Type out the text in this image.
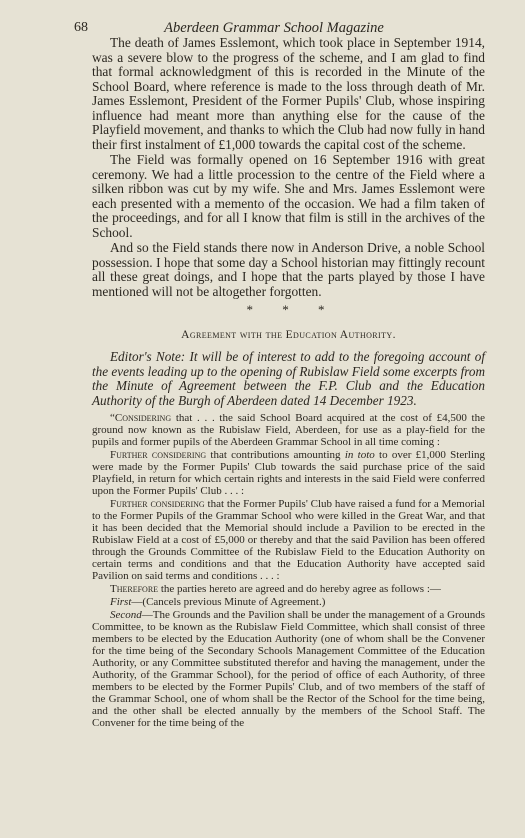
68	Aberdeen Grammar School Magazine

The death of James Esslemont, which took place in September 1914, was a severe blow to the progress of the scheme, and I am glad to find that formal acknowledgment of this is recorded in the Minute of the School Board, where reference is made to the loss through death of Mr. James Esslemont, President of the Former Pupils' Club, whose inspiring influence had meant more than anything else for the cause of the Playfield movement, and thanks to which the Club had now fully in hand their first instalment of £1,000 towards the capital cost of the scheme.

The Field was formally opened on 16 September 1916 with great ceremony. We had a little procession to the centre of the Field where a silken ribbon was cut by my wife. She and Mrs. James Esslemont were each presented with a memento of the occasion. We had a film taken of the proceedings, and for all I know that film is still in the archives of the School.

And so the Field stands there now in Anderson Drive, a noble School possession. I hope that some day a School historian may fittingly recount all these great doings, and I hope that the parts played by those I have mentioned will not be altogether forgotten.

* * *
Agreement with the Education Authority.

Editor's Note: It will be of interest to add to the foregoing account of the events leading up to the opening of Rubislaw Field some excerpts from the Minute of Agreement between the F.P. Club and the Education Authority of the Burgh of Aberdeen dated 14 December 1923.

“Considering that . . . the said School Board acquired at the cost of £4,500 the ground now known as the Rubislaw Field, Aberdeen, for use as a play-field for the pupils and former pupils of the Aberdeen Grammar School in all time coming :

Further considering that contributions amounting in toto to over £1,000 Sterling were made by the Former Pupils' Club towards the said purchase price of the said Playfield, in return for which certain rights and interests in the said Field were conferred upon the Former Pupils' Club . . . :

Further considering that the Former Pupils' Club have raised a fund for a Memorial to the Former Pupils of the Grammar School who were killed in the Great War, and that it has been decided that the Memorial should include a Pavilion to be erected in the Rubislaw Field at a cost of £5,000 or thereby and that the said Pavilion has been offered through the Grounds Committee of the Rubislaw Field to the Education Authority on certain terms and conditions and that the Education Authority have accepted said Pavilion on said terms and conditions . . . :

Therefore the parties hereto are agreed and do hereby agree as follows :—

First—(Cancels previous Minute of Agreement.)

Second—The Grounds and the Pavilion shall be under the management of a Grounds Committee, to be known as the Rubislaw Field Committee, which shall consist of three members to be elected by the Education Authority (one of whom shall be the Convener for the time being of the Secondary Schools Management Committee of the Education Authority, or any Committee substituted therefor and having the management, under the Authority, of the Grammar School), for the period of office of each Authority, of three members to be elected by the Former Pupils' Club, and of two members of the staff of the Grammar School, one of whom shall be the Rector of the School for the time being, and the other shall be elected annually by the members of the School Staff. The Convener for the time being of the
